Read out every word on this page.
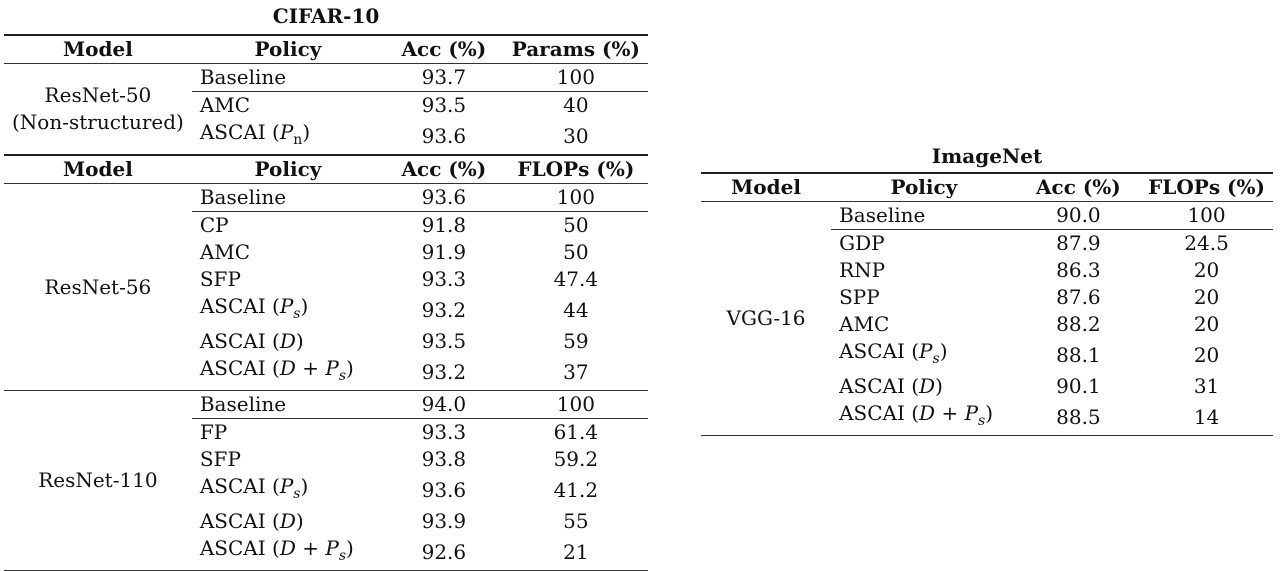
CIFAR-10
Model	Policy	Acc (%)	Params (%)

ResNet-50
(Non-structured)	Baseline	93.7	100
	AMC	93.5	40
	ASCAI $(P_n)$	93.6	30
Model	Policy	Acc (%)	FLOPs (%)
ResNet-56	Baseline	93.6	100
	CP	91.8	50
	AMC	91.9	50
	SFP	93.3	47.4
	ASCAI $(P_s)$	93.2	44
	ASCAI (D)	93.5	59
	ASCAI $(D + P_s)$	93.2	37
ResNet-110	Baseline	94.0	100
	FP	93.3	61.4
	SFP	93.8	59.2
	ASCAI $(P_s)$	93.6	41.2
	ASCAI (D)	93.9	55
	ASCAI $(D + P_s)$	92.6	21
ImageNet
Model	Policy	Acc (%)	FLOPs (%)
VGG-16	Baseline	90.0	100
	GDP	87.9	24.5
	RNP	86.3	20
	SPP	87.6	20
	AMC	88.2	20
	ASCAI $(P_s)$	88.1	20
	ASCAI (D)	90.1	31
	ASCAI $(D + P_s)$	88.5	14
